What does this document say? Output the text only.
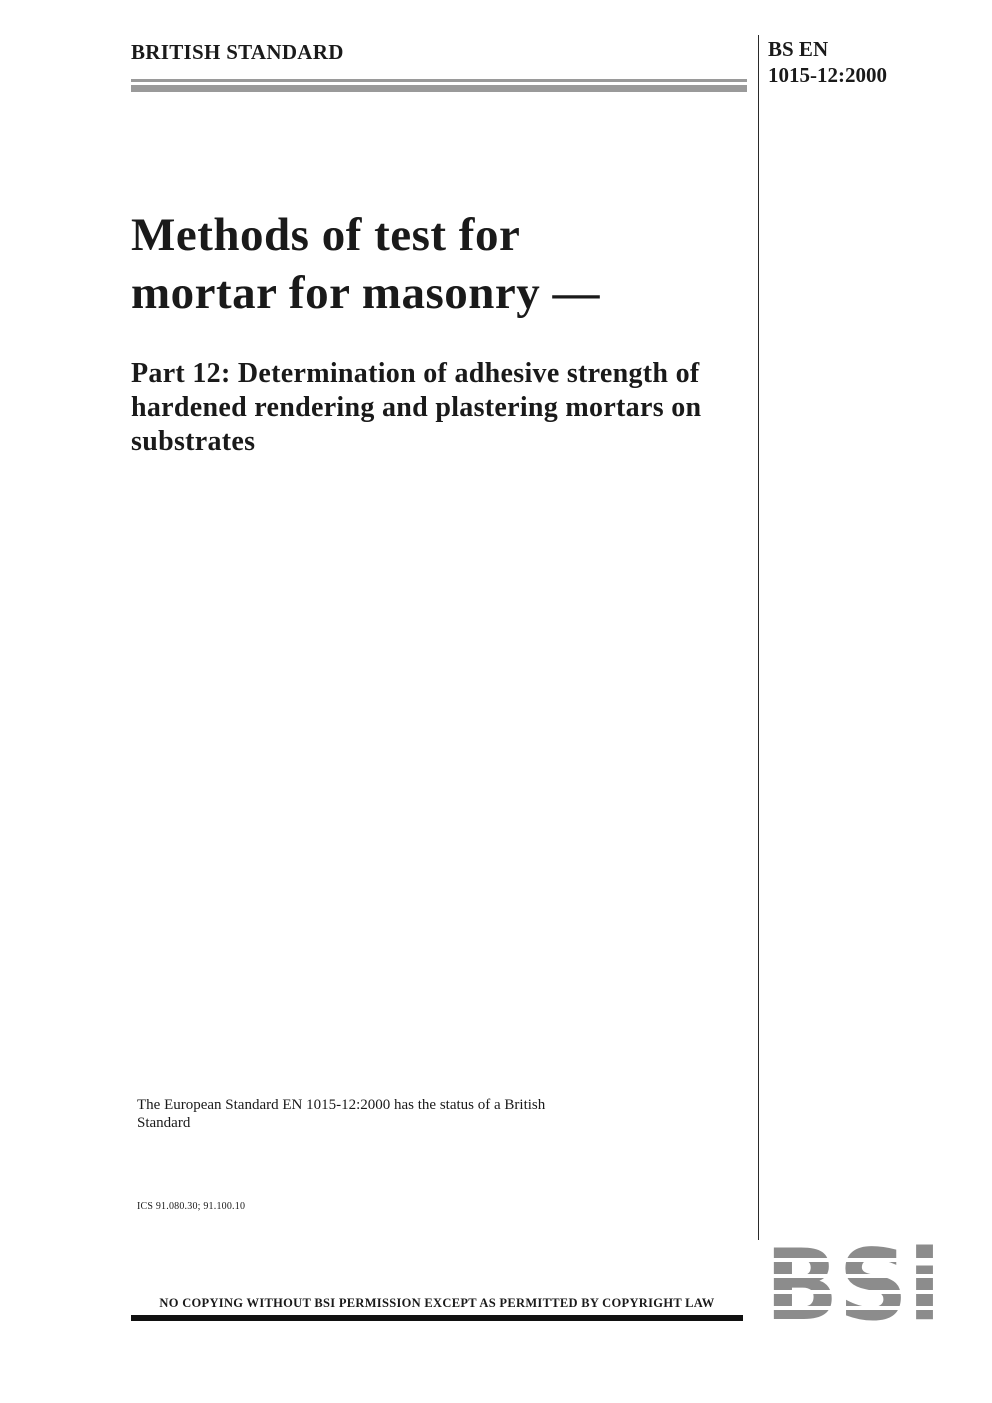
BRITISH STANDARD	BS EN
1015-12:2000
Methods of test for
mortar for masonry —
Part 12: Determination of adhesive strength of hardened rendering and plastering mortars on substrates
The European Standard EN 1015-12:2000 has the status of a British Standard
ICS 91.080.30; 91.100.10
NO COPYING WITHOUT BSI PERMISSION EXCEPT AS PERMITTED BY COPYRIGHT LAW
